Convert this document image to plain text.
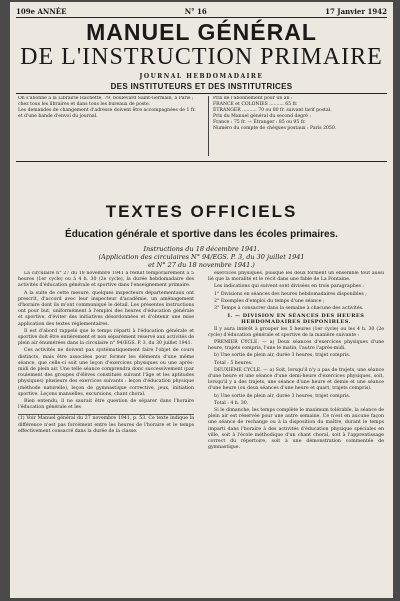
109e ANNÉE	N° 16	17 Janvier 1942
MANUEL GÉNÉRAL
DE L'INSTRUCTION PRIMAIRE
JOURNAL HEBDOMADAIRE
DES INSTITUTEURS ET DES INSTITUTRICES

On s'abonne à la Librairie Hachette, 79, boulevard Saint-Germain, à Paris ; chez tous les libraires et dans tous les bureaux de poste.

Les demandes de changement d'adresse doivent être accompagnées de 1 fr. et d'une bande d'envoi du journal.

Prix de l'abonnement pour un an :

FRANCE et COLONIES .......... 65 fr.

ÉTRANGER .......... 70 ou 80 fr. suivant tarif postal.

Prix du Manuel général du second degré :

France : 75 fr. — Étranger : 85 ou 95 fr.

Numéro du compte de chèques postaux : Paris 2050.

TEXTES OFFICIELS
Éducation générale et sportive dans les écoles primaires.
Instructions du 18 décembre 1941.
(Application des circulaires N° 94/EGS. P. 3, du 30 juillet 1941
et N° 27 du 18 novembre 1941.)

La circulaire n° 27 du 18 novembre 1941 a réduit temporairement à 5 heures (1er cycle) ou à 4 h. 30 (2e cycle), la durée hebdomadaire des activités d'éducation générale et sportive dans l'enseignement primaire.

A la suite de cette mesure, quelques inspecteurs départementaux ont prescrit, d'accord avec leur inspecteur d'académie, un aménagement d'horaire dont ils m'ont communiqué le détail. Les présentes instructions ont pour but, uniformément à l'emploi des heures d'éducation générale et sportive, d'éviter des initiatives désordonnées et d'obtenir une mise application des textes réglementaires.

Il est d'abord rappelé que le temps réparti à l'éducation générale et sportive doit être entièrement et non séparément réservé aux activités de plein air énumérées dans la circulaire n° 94/EGS. P. 3, du 30 juillet 1941.

Ces activités ne doivent pas systématiquement faire l'objet de cours distincts, mais être associées pour former les éléments d'une même séance, que celle-ci soit une leçon d'exercices physiques ou une après-midi de plein air. Une telle séance comprendra donc successivement (par roulement des groupes d'élèves constitués suivant l'âge et les aptitudes physiques) plusieurs des exercices suivants : leçon d'éducation physique (méthode naturelle), leçon de gymnastique corrective, jeux, initiation sportive. Leçons manuelles, excursions, chant choral.

Bien entendu, il ne saurait être question de séparer dans l'horaire l'éducation générale et les

(1) Voir Manuel général du 27 novembre 1941, p. 53. Ce texte indique la différence n'est pas forcément entre les heures de l'horaire et le temps effectivement consacré dans la durée de la classe.

exercices physiques, puisque les deux forment un ensemble tout aussi lié que la moralité et le récit dans une fable de La Fontaine.

Les indications qui suivent sont divisées en trois paragraphes :

1° Divisions en séances des heures hebdomadaires disponibles ;

2° Exemples d'emploi du temps d'une séance ;

3° Temps à consacrer dans la semaine à chacune des activités.

I. — DIVISION EN SÉANCES DES HEURES HEBDOMADAIRES DISPONIBLES.

Il y aura intérêt à grouper les 5 heures (1er cycle) ou les 4 h. 30 (2e cycle) d'éducation générale et sportive de la manière suivante :

PREMIER CYCLE. — a) Deux séances d'exercices physiques d'une heure, trajets compris, l'une le matin, l'autre l'après-midi.

b) Une sortie de plein air, durée 3 heures, trajet compris.

Total : 5 heures.

DEUXIÈME CYCLE. — a) Soit, lorsqu'il n'y a pas de trajets, une séance d'une heure et une séance d'une demi-heure d'exercices physiques, soit, lorsqu'il y a des trajets, une séance d'une heure et demie et une séance d'une heure (ou deux séances d'une heure et quart, trajets compris).

b) Une sortie de plein air, durée 3 heures, trajet compris.

Total : 4 h. 30.

Si le dimanche, les temps complète le maximum tolérable, la séance de plein air est réservée pour une autre semaine. Ce n'est en aucune façon une séance de rechange ou à la disposition du maître, durant le temps imparti dans l'horaire à des activités d'éducation physique spéciales en ville, soit à l'école méthodique d'un chant choral, soit à l'apprentissage correct du répertoire, soit à une démonstration commentée de gymnastique.
